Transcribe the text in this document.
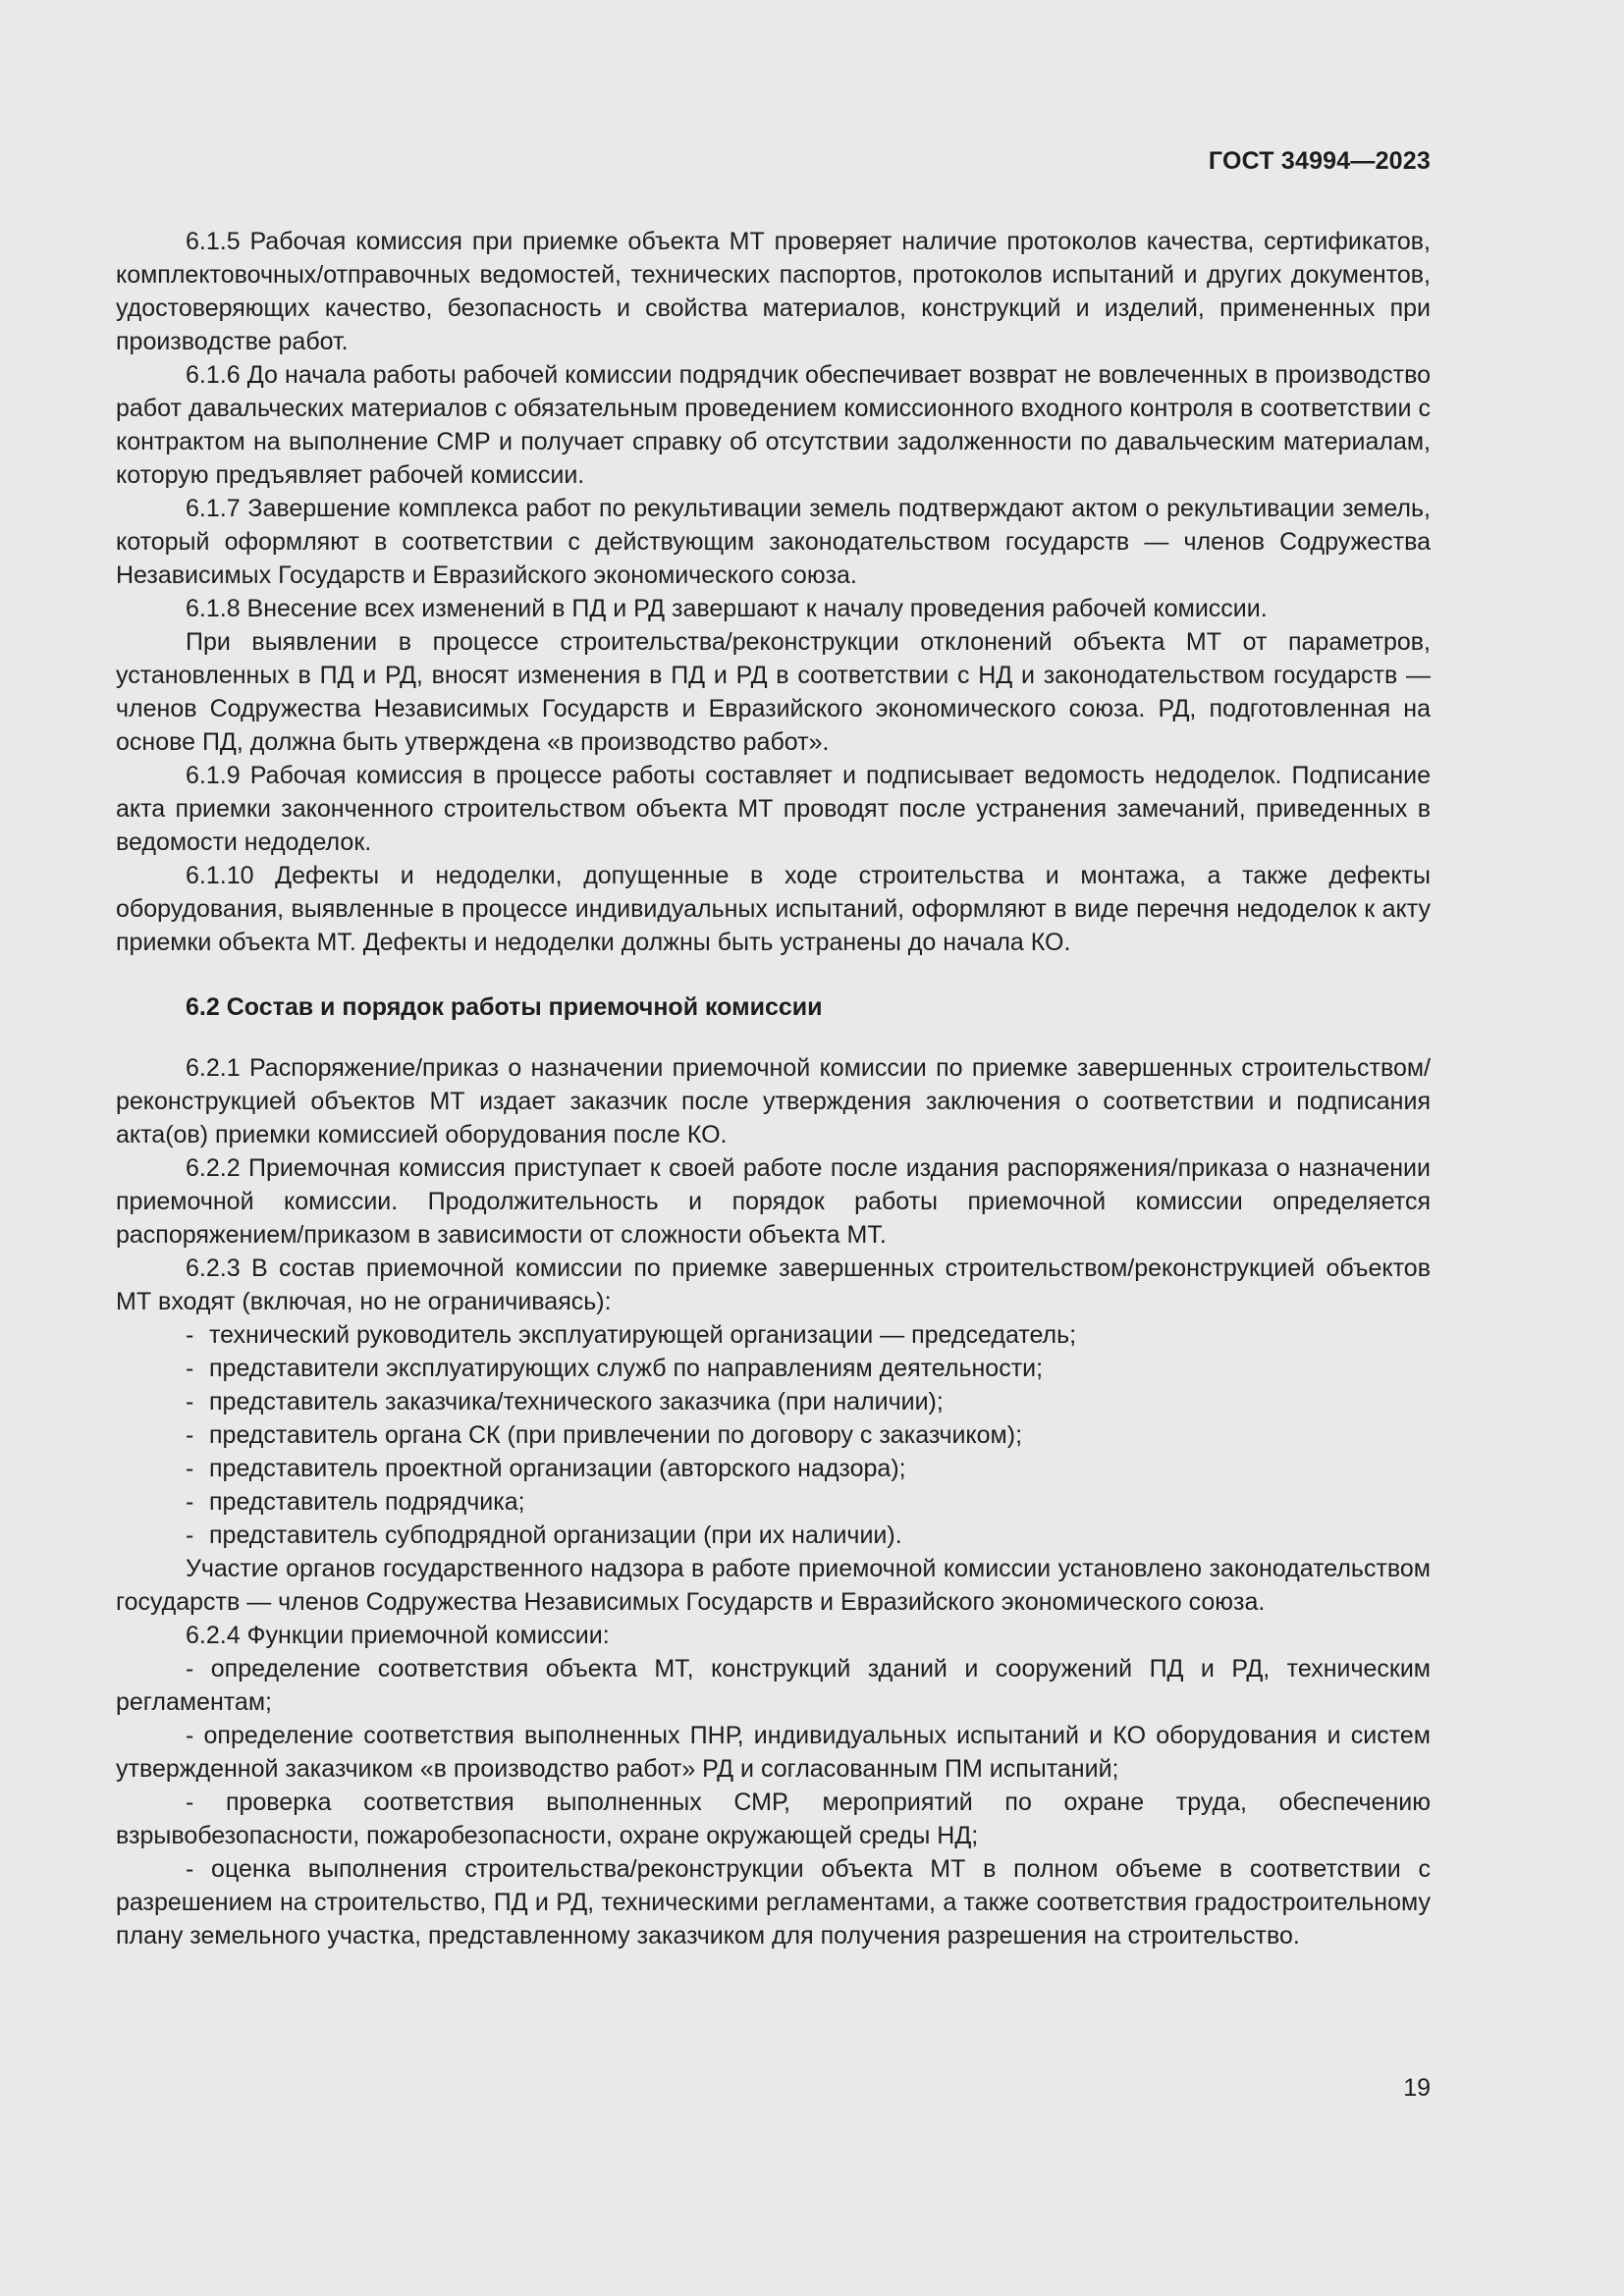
ГОСТ 34994—2023

6.1.5 Рабочая комиссия при приемке объекта МТ проверяет наличие протоколов качества, сертификатов, комплектовочных/отправочных ведомостей, технических паспортов, протоколов испытаний и других документов, удостоверяющих качество, безопасность и свойства материалов, конструкций и изделий, примененных при производстве работ.

6.1.6 До начала работы рабочей комиссии подрядчик обеспечивает возврат не вовлеченных в производство работ давальческих материалов с обязательным проведением комиссионного входного контроля в соответствии с контрактом на выполнение СМР и получает справку об отсутствии задолженности по давальческим материалам, которую предъявляет рабочей комиссии.

6.1.7 Завершение комплекса работ по рекультивации земель подтверждают актом о рекультивации земель, который оформляют в соответствии с действующим законодательством государств — членов Содружества Независимых Государств и Евразийского экономического союза.

6.1.8 Внесение всех изменений в ПД и РД завершают к началу проведения рабочей комиссии.

При выявлении в процессе строительства/реконструкции отклонений объекта МТ от параметров, установленных в ПД и РД, вносят изменения в ПД и РД в соответствии с НД и законодательством государств — членов Содружества Независимых Государств и Евразийского экономического союза. РД, подготовленная на основе ПД, должна быть утверждена «в производство работ».

6.1.9 Рабочая комиссия в процессе работы составляет и подписывает ведомость недоделок. Подписание акта приемки законченного строительством объекта МТ проводят после устранения замечаний, приведенных в ведомости недоделок.

6.1.10 Дефекты и недоделки, допущенные в ходе строительства и монтажа, а также дефекты оборудования, выявленные в процессе индивидуальных испытаний, оформляют в виде перечня недоделок к акту приемки объекта МТ. Дефекты и недоделки должны быть устранены до начала КО.

6.2 Состав и порядок работы приемочной комиссии

6.2.1 Распоряжение/приказ о назначении приемочной комиссии по приемке завершенных строительством/реконструкцией объектов МТ издает заказчик после утверждения заключения о соответствии и подписания акта(ов) приемки комиссией оборудования после КО.

6.2.2 Приемочная комиссия приступает к своей работе после издания распоряжения/приказа о назначении приемочной комиссии. Продолжительность и порядок работы приемочной комиссии определяется распоряжением/приказом в зависимости от сложности объекта МТ.

6.2.3 В состав приемочной комиссии по приемке завершенных строительством/реконструкцией объектов МТ входят (включая, но не ограничиваясь):

- технический руководитель эксплуатирующей организации — председатель;
- представители эксплуатирующих служб по направлениям деятельности;
- представитель заказчика/технического заказчика (при наличии);
- представитель органа СК (при привлечении по договору с заказчиком);
- представитель проектной организации (авторского надзора);
- представитель подрядчика;
- представитель субподрядной организации (при их наличии).

Участие органов государственного надзора в работе приемочной комиссии установлено законодательством государств — членов Содружества Независимых Государств и Евразийского экономического союза.

6.2.4 Функции приемочной комиссии:

- определение соответствия объекта МТ, конструкций зданий и сооружений ПД и РД, техническим регламентам;

- определение соответствия выполненных ПНР, индивидуальных испытаний и КО оборудования и систем утвержденной заказчиком «в производство работ» РД и согласованным ПМ испытаний;

- проверка соответствия выполненных СМР, мероприятий по охране труда, обеспечению взрывобезопасности, пожаробезопасности, охране окружающей среды НД;

- оценка выполнения строительства/реконструкции объекта МТ в полном объеме в соответствии с разрешением на строительство, ПД и РД, техническими регламентами, а также соответствия градостроительному плану земельного участка, представленному заказчиком для получения разрешения на строительство.

19
